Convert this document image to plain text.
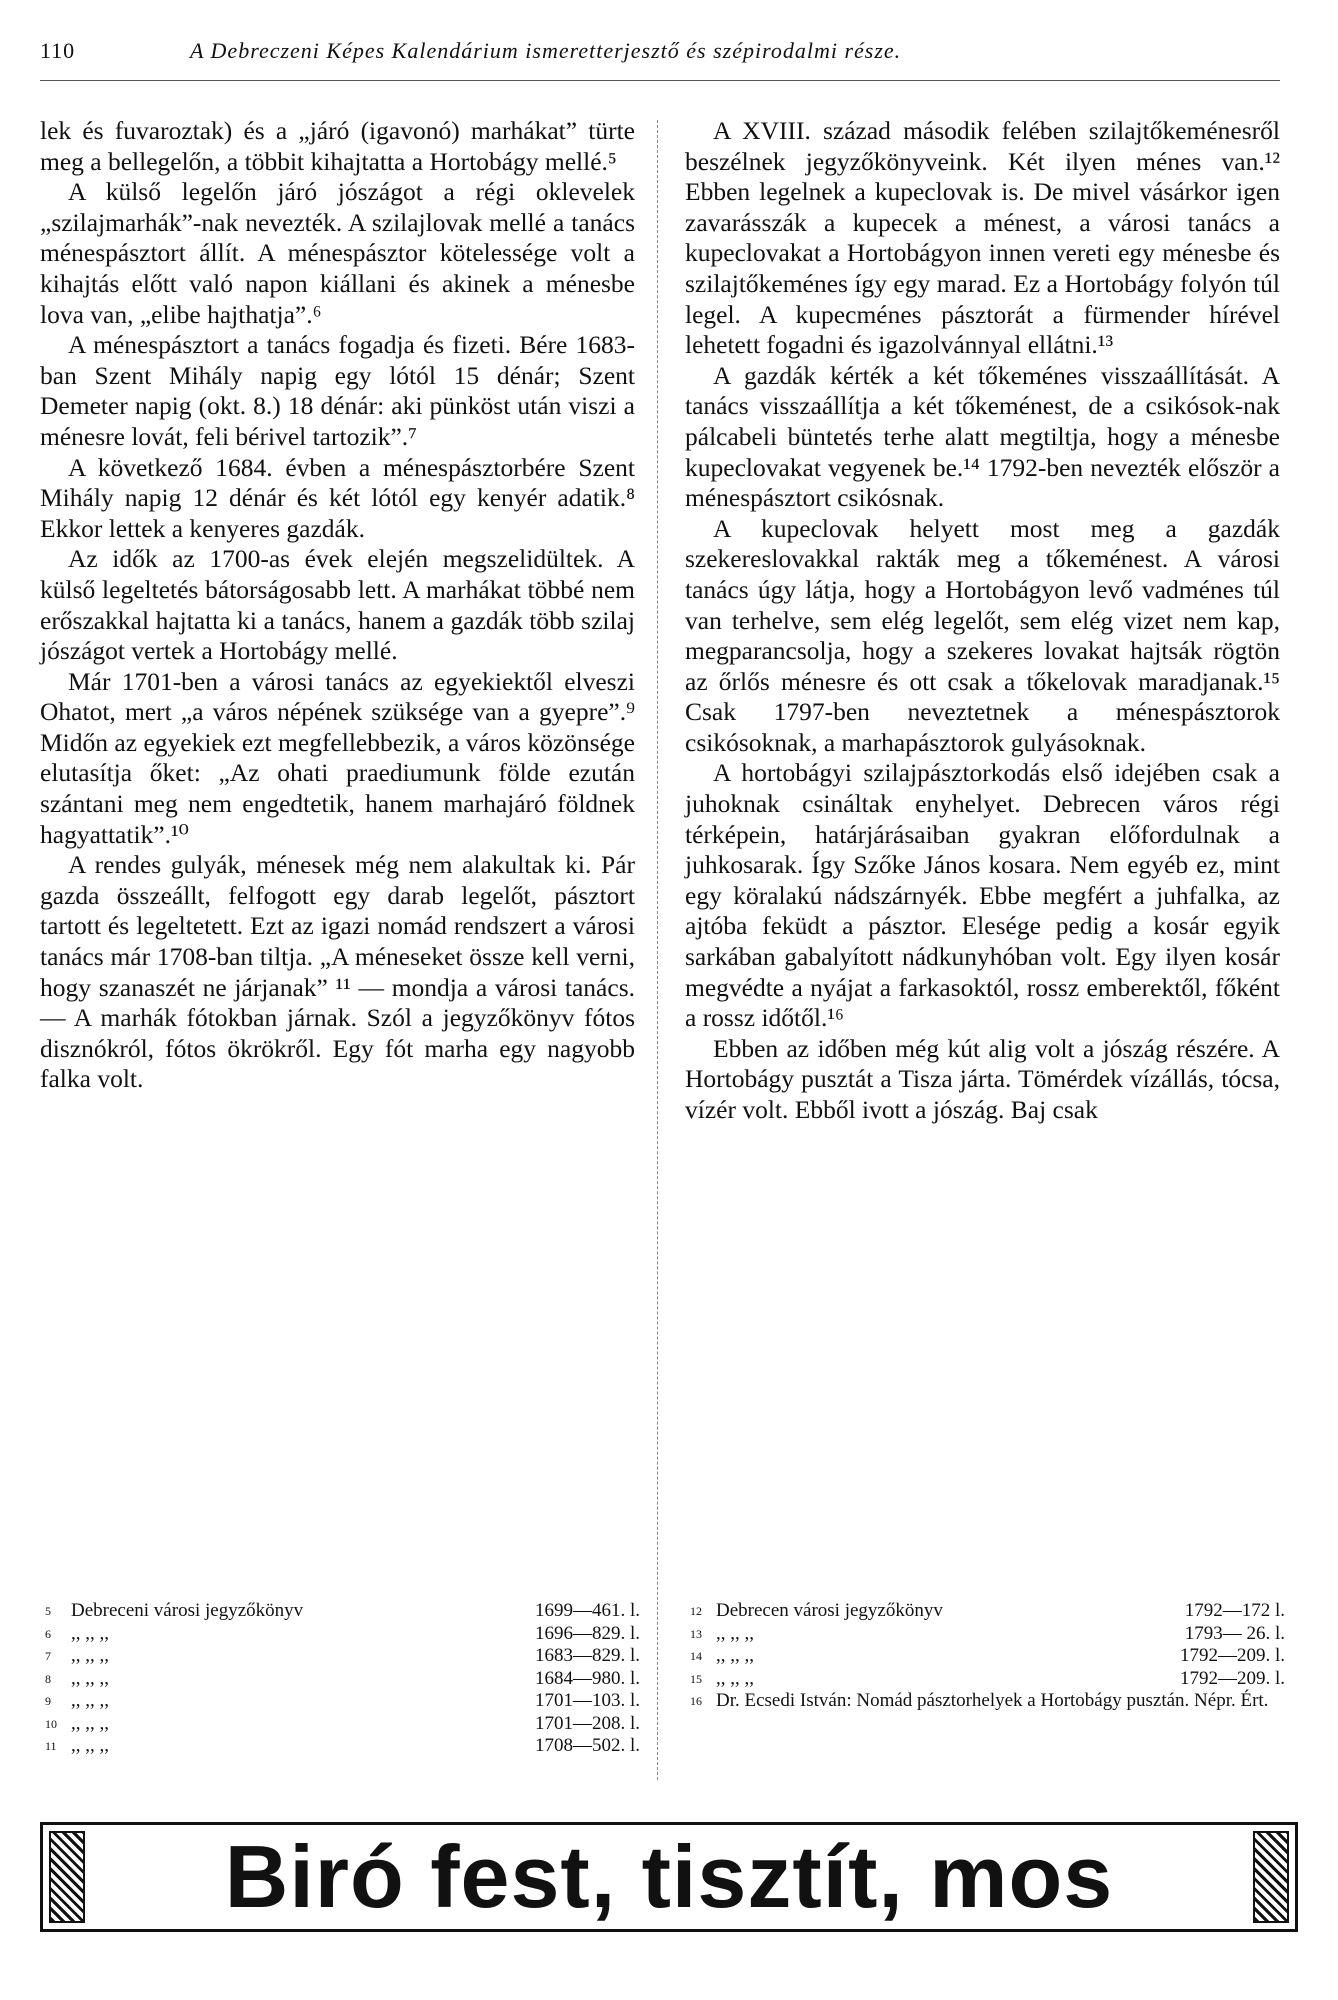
110	A Debreczeni Képes Kalendárium ismeretterjesztő és szépirodalmi része.

lek és fuvaroztak) és a „járó (igavonó) marhákat” türte meg a bellegelőn, a többit kihajtatta a Hortobágy mellé.⁵

A külső legelőn járó jószágot a régi oklevelek „szilajmarhák”-nak nevezték. A szilajlovak mellé a tanács ménespásztort állít. A ménespásztor kötelessége volt a kihajtás előtt való napon kiállani és akinek a ménesbe lova van, „elibe hajthatja”.⁶

A ménespásztort a tanács fogadja és fizeti. Bére 1683-ban Szent Mihály napig egy lótól 15 dénár; Szent Demeter napig (okt. 8.) 18 dénár: aki pünköst után viszi a ménesre lovát, feli bérivel tartozik”.⁷

A következő 1684. évben a ménespásztorbére Szent Mihály napig 12 dénár és két lótól egy kenyér adatik.⁸ Ekkor lettek a kenyeres gazdák.

Az idők az 1700-as évek elején megszelidültek. A külső legeltetés bátorságosabb lett. A marhákat többé nem erőszakkal hajtatta ki a tanács, hanem a gazdák több szilaj jószágot vertek a Hortobágy mellé.

Már 1701-ben a városi tanács az egyekiektől elveszi Ohatot, mert „a város népének szüksége van a gyepre”.⁹ Midőn az egyekiek ezt megfellebbezik, a város közönsége elutasítja őket: „Az ohati praediumunk földe ezután szántani meg nem engedtetik, hanem marhajáró földnek hagyattatik”.¹⁰

A rendes gulyák, ménesek még nem alakultak ki. Pár gazda összeállt, felfogott egy darab legelőt, pásztort tartott és legeltetett. Ezt az igazi nomád rendszert a városi tanács már 1708-ban tiltja. „A méneseket össze kell verni, hogy szanaszét ne járjanak” ¹¹ — mondja a városi tanács. — A marhák fótokban járnak. Szól a jegyzőkönyv fótos disznókról, fótos ökrökről. Egy fót marha egy nagyobb falka volt.

A XVIII. század második felében szilajtőkeménesről beszélnek jegyzőkönyveink. Két ilyen ménes van.¹² Ebben legelnek a kupeclovak is. De mivel vásárkor igen zavarásszák a kupecek a ménest, a városi tanács a kupeclovakat a Hortobágyon innen vereti egy ménesbe és szilajtőkeménes így egy marad. Ez a Hortobágy folyón túl legel. A kupecménes pásztorát a fürmender hírével lehetett fogadni és igazolvánnyal ellátni.¹³

A gazdák kérték a két tőkeménes visszaállítását. A tanács visszaállítja a két tőkeménest, de a csikósok-nak pálcabeli büntetés terhe alatt megtiltja, hogy a ménesbe kupeclovakat vegyenek be.¹⁴ 1792-ben nevezték először a ménespásztort csikósnak.

A kupeclovak helyett most meg a gazdák szekereslovakkal rakták meg a tőkeménest. A városi tanács úgy látja, hogy a Hortobágyon levő vadménes túl van terhelve, sem elég legelőt, sem elég vizet nem kap, megparancsolja, hogy a szekeres lovakat hajtsák rögtön az őrlős ménesre és ott csak a tőkelovak maradjanak.¹⁵ Csak 1797-ben neveztetnek a ménespásztorok csikósoknak, a marhapásztorok gulyásoknak.

A hortobágyi szilajpásztorkodás első idejében csak a juhoknak csináltak enyhelyet. Debrecen város régi térképein, határjárásaiban gyakran előfordulnak a juhkosarak. Így Szőke János kosara. Nem egyéb ez, mint egy köralakú nádszárnyék. Ebbe megfért a juhfalka, az ajtóba feküdt a pásztor. Elesége pedig a kosár egyik sarkában gabalyított nádkunyhóban volt. Egy ilyen kosár megvédte a nyájat a farkasoktól, rossz emberektől, főként a rossz időtől.¹⁶

Ebben az időben még kút alig volt a jószág részére. A Hortobágy pusztát a Tisza járta. Tömérdek vízállás, tócsa, vízér volt. Ebből ivott a jószág. Baj csak

5	Debreceni városi jegyzőkönyv	1699—461. l.
6	,, ,, ,,	1696—829. l.
7	,, ,, ,,	1683—829. l.
8	,, ,, ,,	1684—980. l.
9	,, ,, ,,	1701—103. l.
10 ,, ,, ,,	1701—208. l.
11 ,, ,, ,,	1708—502. l.
12 Debrecen városi jegyzőkönyv	1792—172 l.
13 ,, ,, ,,	1793— 26. l.
14 ,, ,, ,,	1792—209. l.
15 ,, ,, ,,	1792—209. l.
16 Dr. Ecsedi István: Nomád pásztorhelyek a Hortobágy pusztán. Népr. Ért.
Biró fest, tisztít, mos
